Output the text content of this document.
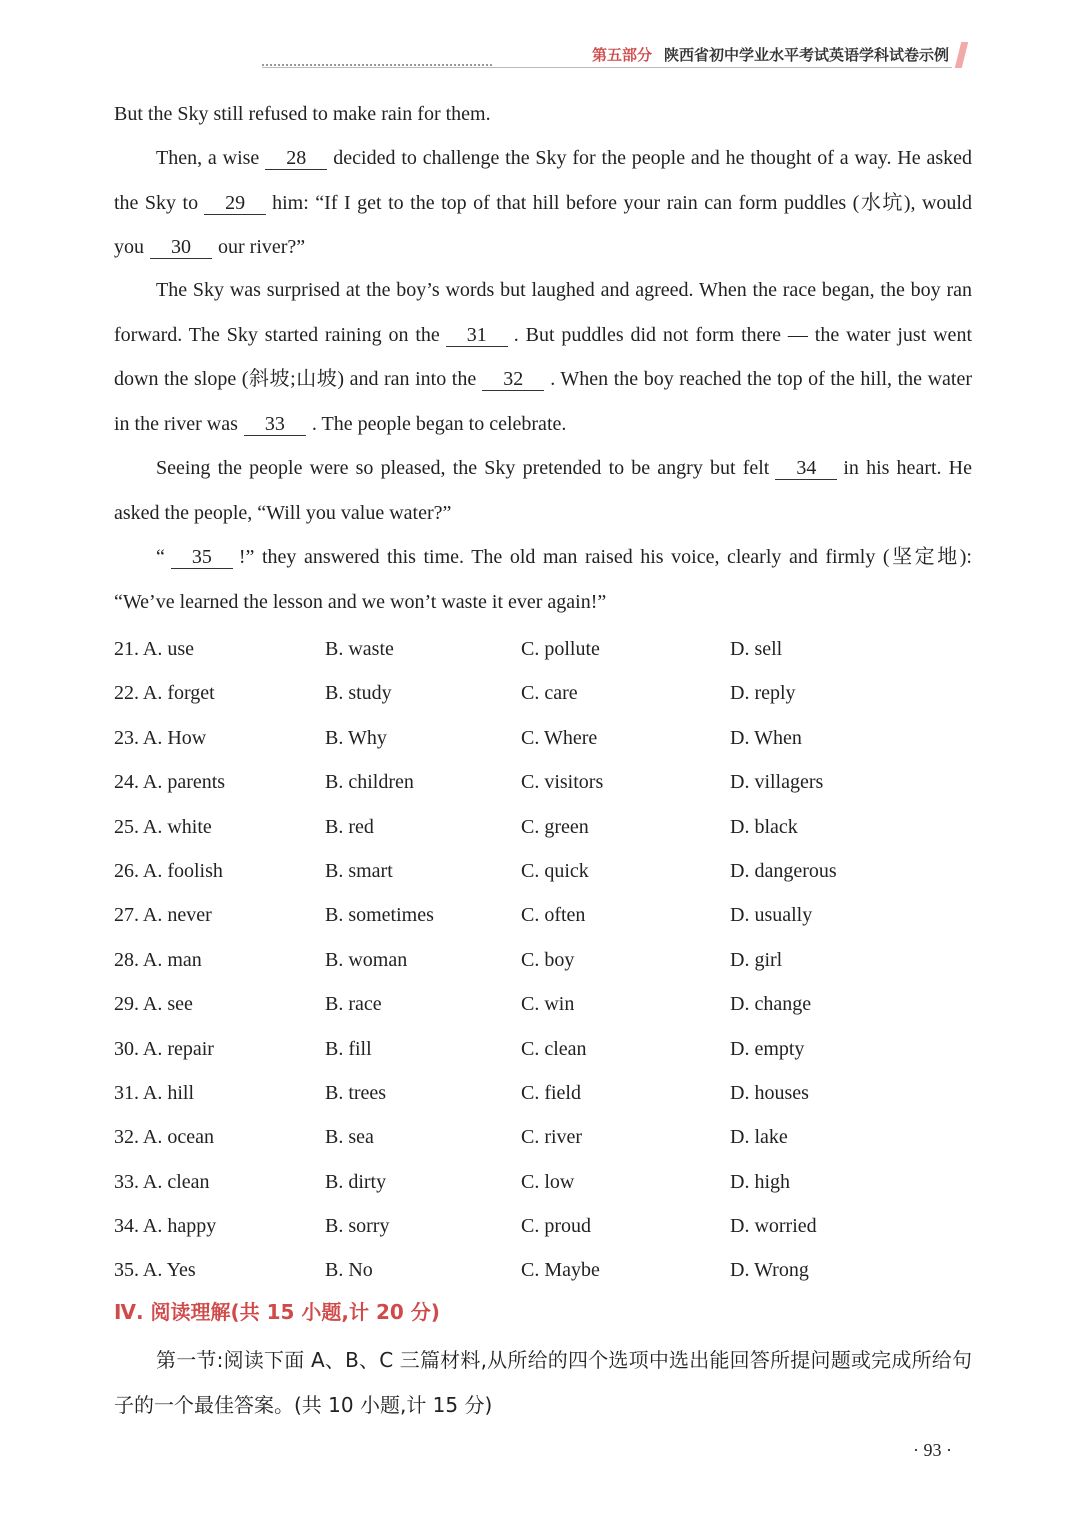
第五部分 陕西省初中学业水平考试英语学科试卷示例
But the Sky still refused to make rain for them.
Then, a wise 28 decided to challenge the Sky for the people and he thought of a way. He asked the Sky to 29 him: “If I get to the top of that hill before your rain can form puddles (水坑), would you 30 our river?”
The Sky was surprised at the boy’s words but laughed and agreed. When the race began, the boy ran forward. The Sky started raining on the 31 . But puddles did not form there — the water just went down the slope (斜坡;山坡) and ran into the 32 . When the boy reached the top of the hill, the water in the river was 33 . The people began to celebrate.
Seeing the people were so pleased, the Sky pretended to be angry but felt 34 in his heart. He asked the people, “Will you value water?”
“ 35 !” they answered this time. The old man raised his voice, clearly and firmly (坚定地): “We’ve learned the lesson and we won’t waste it ever again!”
21. A. use	B. waste	C. pollute	D. sell
22. A. forget	B. study	C. care	D. reply
23. A. How	B. Why	C. Where	D. When
24. A. parents	B. children	C. visitors	D. villagers
25. A. white	B. red	C. green	D. black
26. A. foolish	B. smart	C. quick	D. dangerous
27. A. never	B. sometimes	C. often	D. usually
28. A. man	B. woman	C. boy	D. girl
29. A. see	B. race	C. win	D. change
30. A. repair	B. fill	C. clean	D. empty
31. A. hill	B. trees	C. field	D. houses
32. A. ocean	B. sea	C. river	D. lake
33. A. clean	B. dirty	C. low	D. high
34. A. happy	B. sorry	C. proud	D. worried
35. A. Yes	B. No	C. Maybe	D. Wrong
Ⅳ. 阅读理解(共 15 小题,计 20 分)
第一节:阅读下面 A、B、C 三篇材料,从所给的四个选项中选出能回答所提问题或完成所给句子的一个最佳答案。(共 10 小题,计 15 分)
· 93 ·
